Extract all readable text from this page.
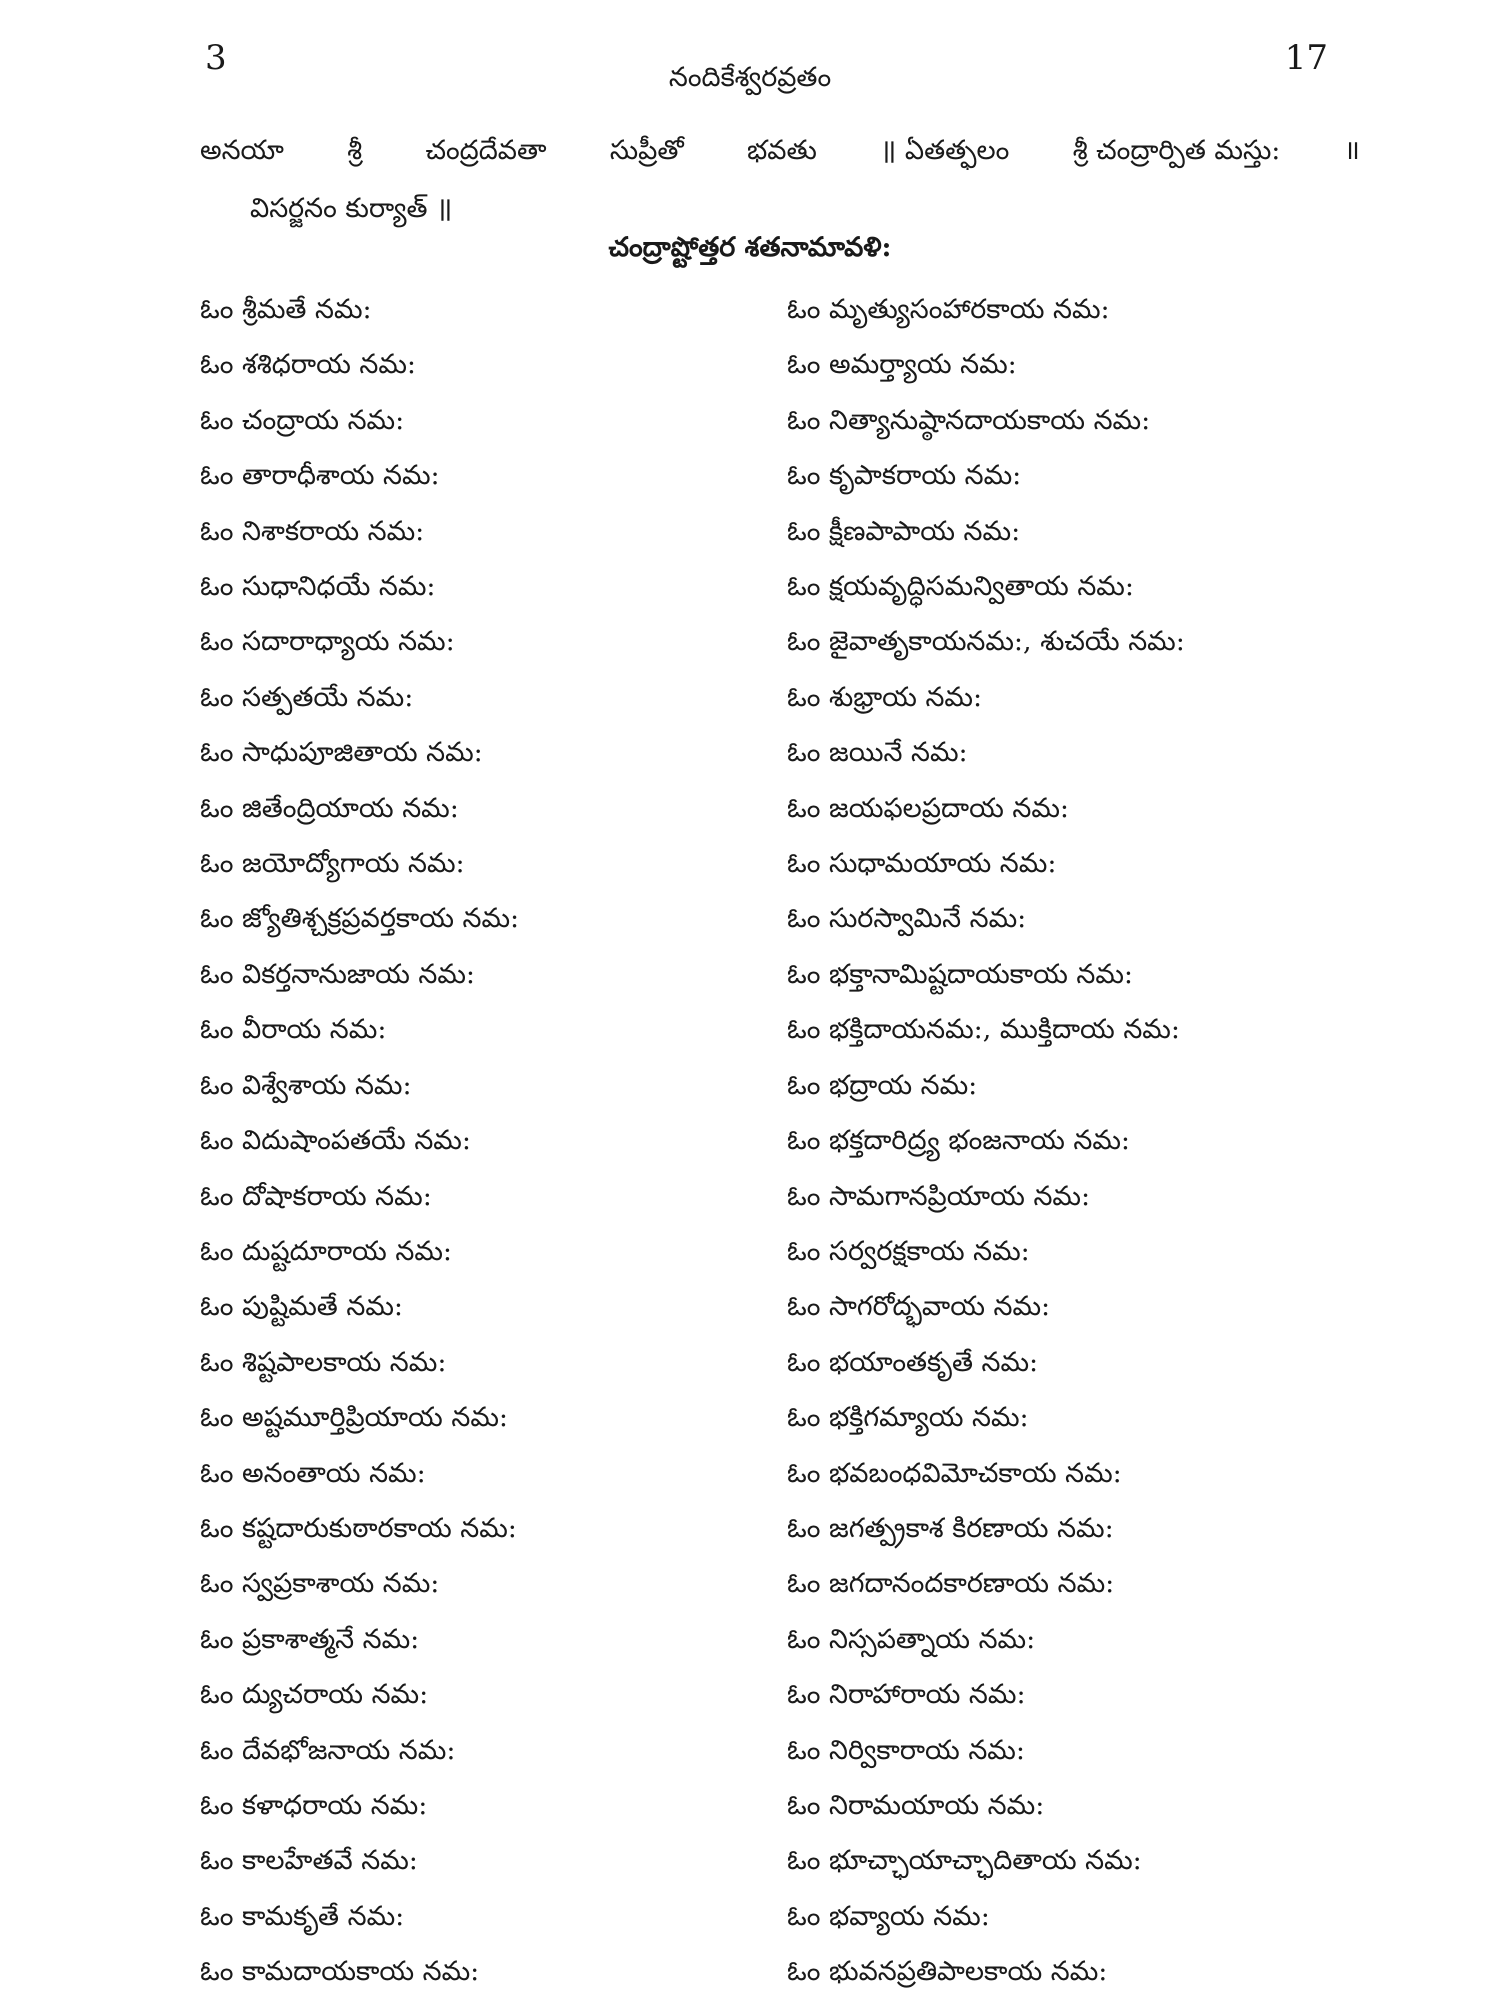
3	17
నందికేశ్వరవ్రతం
అనయా శ్రీ చంద్రదేవతా సుప్రీతో భవతు ॥ ఏతత్ఫలం శ్రీ చంద్రార్పిత మస్తు: ॥
విసర్జనం కుర్యాత్ ॥
చంద్రాష్టోత్తర శతనామావళి:
ఓం శ్రీమతే నమ:
ఓం శశిధరాయ నమ:
ఓం చంద్రాయ నమ:
ఓం తారాధీశాయ నమ:
ఓం నిశాకరాయ నమ:
ఓం సుధానిధయే నమ:
ఓం సదారాధ్యాయ నమ:
ఓం సత్పతయే నమ:
ఓం సాధుపూజితాయ నమ:
ఓం జితేంద్రియాయ నమ:
ఓం జయోద్యోగాయ నమ:
ఓం జ్యోతిశ్చక్రప్రవర్తకాయ నమ:
ఓం వికర్తనానుజాయ నమ:
ఓం వీరాయ నమ:
ఓం విశ్వేశాయ నమ:
ఓం విదుషాంపతయే నమ:
ఓం దోషాకరాయ నమ:
ఓం దుష్టదూరాయ నమ:
ఓం పుష్టిమతే నమ:
ఓం శిష్టపాలకాయ నమ:
ఓం అష్టమూర్తిప్రియాయ నమ:
ఓం అనంతాయ నమ:
ఓం కష్టదారుకుఠారకాయ నమ:
ఓం స్వప్రకాశాయ నమ:
ఓం ప్రకాశాత్మనే నమ:
ఓం ద్యుచరాయ నమ:
ఓం దేవభోజనాయ నమ:
ఓం కళాధరాయ నమ:
ఓం కాలహేతవే నమ:
ఓం కామకృతే నమ:
ఓం కామదాయకాయ నమ:
ఓం మృత్యుసంహారకాయ నమ:
ఓం అమర్త్యాయ నమ:
ఓం నిత్యానుష్ఠానదాయకాయ నమ:
ఓం కృపాకరాయ నమ:
ఓం క్షీణపాపాయ నమ:
ఓం క్షయవృద్ధిసమన్వితాయ నమ:
ఓం జైవాతృకాయనమ:, శుచయే నమ:
ఓం శుభ్రాయ నమ:
ఓం జయినే నమ:
ఓం జయఫలప్రదాయ నమ:
ఓం సుధామయాయ నమ:
ఓం సురస్వామినే నమ:
ఓం భక్తానామిష్టదాయకాయ నమ:
ఓం భక్తిదాయనమ:, ముక్తిదాయ నమ:
ఓం భద్రాయ నమ:
ఓం భక్తదారిద్ర్య భంజనాయ నమ:
ఓం సామగానప్రియాయ నమ:
ఓం సర్వరక్షకాయ నమ:
ఓం సాగరోద్భవాయ నమ:
ఓం భయాంతకృతే నమ:
ఓం భక్తిగమ్యాయ నమ:
ఓం భవబంధవిమోచకాయ నమ:
ఓం జగత్ప్రకాశ కిరణాయ నమ:
ఓం జగదానందకారణాయ నమ:
ఓం నిస్సపత్నాయ నమ:
ఓం నిరాహారాయ నమ:
ఓం నిర్వికారాయ నమ:
ఓం నిరామయాయ నమ:
ఓం భూచ్ఛాయాచ్ఛాదితాయ నమ:
ఓం భవ్యాయ నమ:
ఓం భువనప్రతిపాలకాయ నమ:
